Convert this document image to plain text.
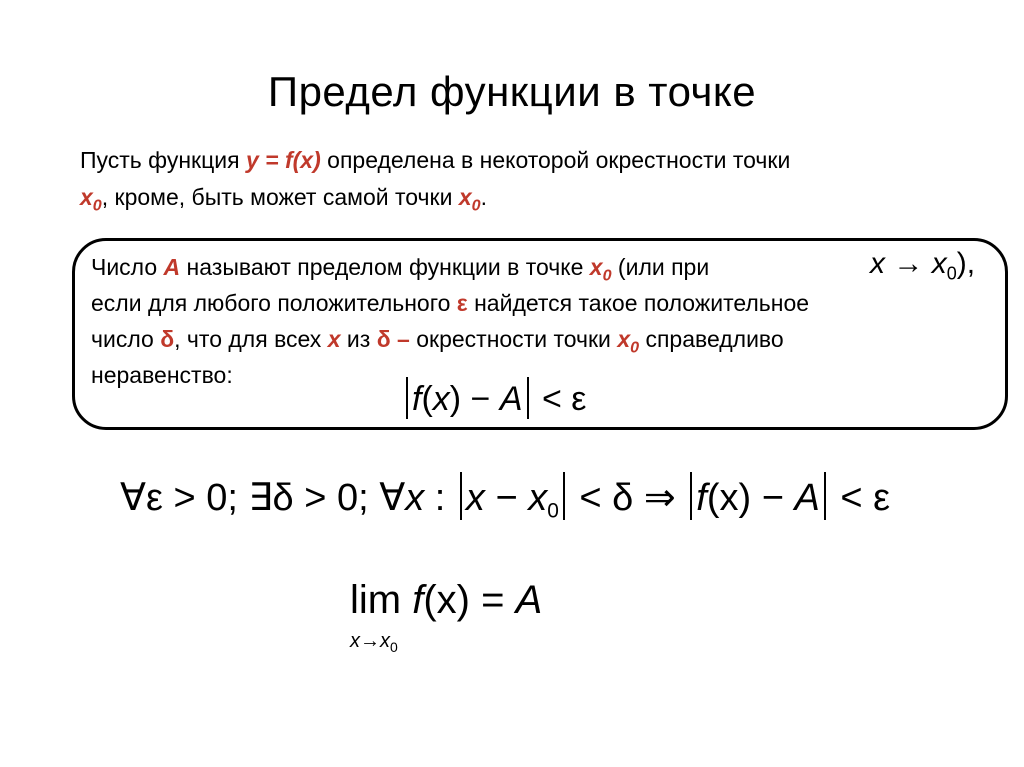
Предел функции в точке
Пусть функция y = f(x) определена в некоторой окрестности точки
$x_0$, кроме, быть может самой точки $x_0$.
Число A называют пределом функции в точке $x_0$ (или при
если для любого положительного ε найдется такое положительное
число δ, что для всех x из δ – окрестности точки $x_0$ справедливо
неравенство:
$x \to x_0$),
f(x) − A < ε
∀ε > 0; ∃δ > 0; ∀x : $x - x_0 < \delta$ ⇒ f(x) − A < ε
lim f(x) = A
$x\to x_0$
